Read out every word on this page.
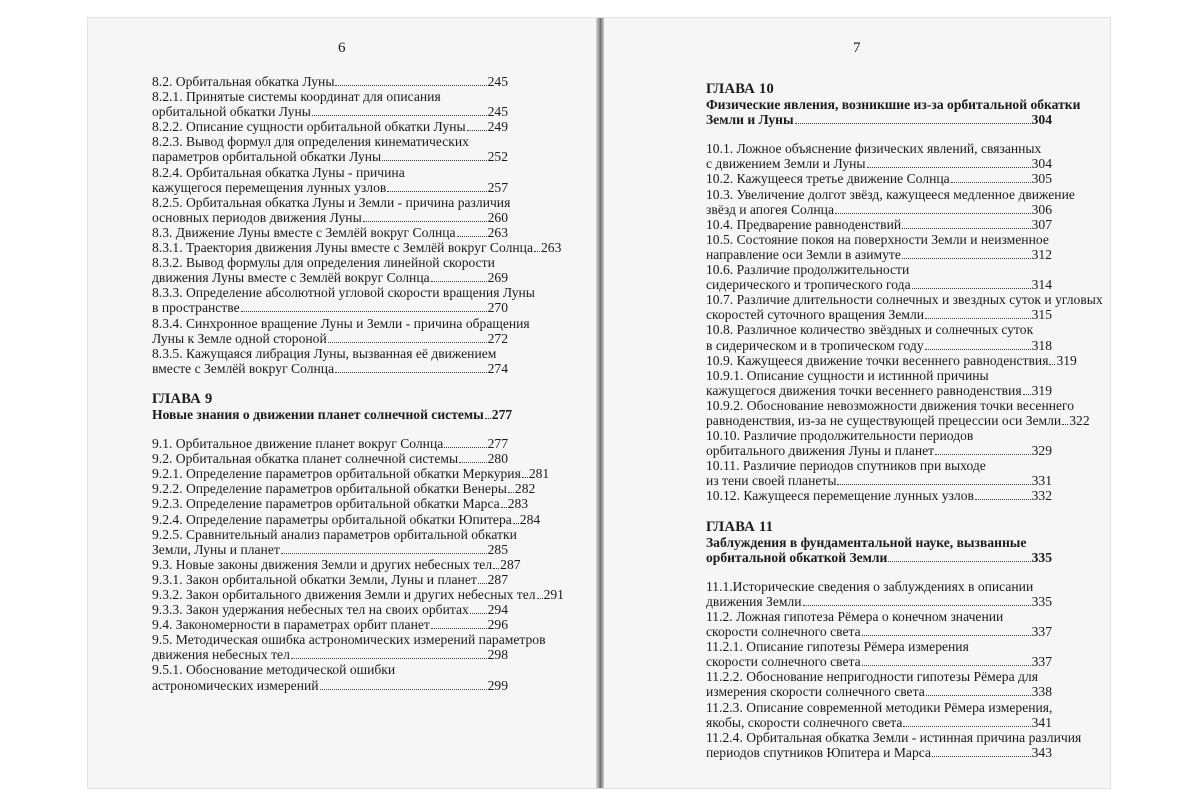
6
8.2. Орбитальная обкатка Луны	245
8.2.1. Принятые системы координат для описания
орбитальной обкатки Луны	245
8.2.2. Описание сущности орбитальной обкатки Луны 249
8.2.3. Вывод формул для определения кинематических
параметров орбитальной обкатки Луны	252
8.2.4. Орбитальная обкатка Луны - причина
кажущегося перемещения лунных узлов	257
8.2.5. Орбитальная обкатка Луны и Земли - причина различия
основных периодов движения Луны	260
8.3. Движение Луны вместе с Землёй вокруг Солнца 263
8.3.1. Траектория движения Луны вместе с Землёй вокруг Солнца 263
8.3.2. Вывод формулы для определения линейной скорости
движения Луны вместе с Землёй вокруг Солнца	269
8.3.3. Определение абсолютной угловой скорости вращения Луны
в пространстве	270
8.3.4. Синхронное вращение Луны и Земли - причина обращения
Луны к Земле одной стороной	272
8.3.5. Кажущаяся либрация Луны, вызванная её движением
вместе с Землёй вокруг Солнца	274
ГЛАВА 9
Новые знания о движении планет солнечной системы 277
9.1. Орбитальное движение планет вокруг Солнца	277
9.2. Орбитальная обкатка планет солнечной системы 280
9.2.1. Определение параметров орбитальной обкатки Меркурия 281
9.2.2. Определение параметров орбитальной обкатки Венеры 282
9.2.3. Определение параметров орбитальной обкатки Марса 283
9.2.4. Определение параметры орбитальной обкатки Юпитера 284
9.2.5. Сравнительный анализ параметров орбитальной обкатки
Земли, Луны и планет	285
9.3. Новые законы движения Земли и других небесных тел 287
9.3.1. Закон орбитальной обкатки Земли, Луны и планет 287
9.3.2. Закон орбитального движения Земли и других небесных тел 291
9.3.3. Закон удержания небесных тел на своих орбитах 294
9.4. Закономерности в параметрах орбит планет	296
9.5. Методическая ошибка астрономических измерений параметров
движения небесных тел	298
9.5.1. Обоснование методической ошибки
астрономических измерений	299
7
ГЛАВА 10
Физические явления, возникшие из-за орбитальной обкатки
Земли и Луны	304
10.1. Ложное объяснение физических явлений, связанных
с движением Земли и Луны	304
10.2. Кажущееся третье движение Солнца	305
10.3. Увеличение долгот звёзд, кажущееся медленное движение
звёзд и апогея Солнца	306
10.4. Предварение равноденствий	307
10.5. Состояние покоя на поверхности Земли и неизменное
направление оси Земли в азимуте	312
10.6. Различие продолжительности
сидерического и тропического года	314
10.7. Различие длительности солнечных и звездных суток и угловых
скоростей суточного вращения Земли	315
10.8. Различное количество звёздных и солнечных суток
в сидерическом и в тропическом году	318
10.9. Кажущееся движение точки весеннего равноденствия 319
10.9.1. Описание сущности и истинной причины
кажущегося движения точки весеннего равноденствия 319
10.9.2. Обоснование невозможности движения точки весеннего
равноденствия, из-за не существующей прецессии оси Земли 322
10.10. Различие продолжительности периодов
орбитального движения Луны и планет	329
10.11. Различие периодов спутников при выходе
из тени своей планеты	331
10.12. Кажущееся перемещение лунных узлов	332
ГЛАВА 11
Заблуждения в фундаментальной науке, вызванные
орбитальной обкаткой Земли	335
11.1.Исторические сведения о заблуждениях в описании
движения Земли	335
11.2. Ложная гипотеза Рёмера о конечном значении
скорости солнечного света	337
11.2.1. Описание гипотезы Рёмера измерения
скорости солнечного света	337
11.2.2. Обоснование непригодности гипотезы Рёмера для
измерения скорости солнечного света	338
11.2.3. Описание современной методики Рёмера измерения,
якобы, скорости солнечного света	341
11.2.4. Орбитальная обкатка Земли - истинная причина различия
периодов спутников Юпитера и Марса	343
